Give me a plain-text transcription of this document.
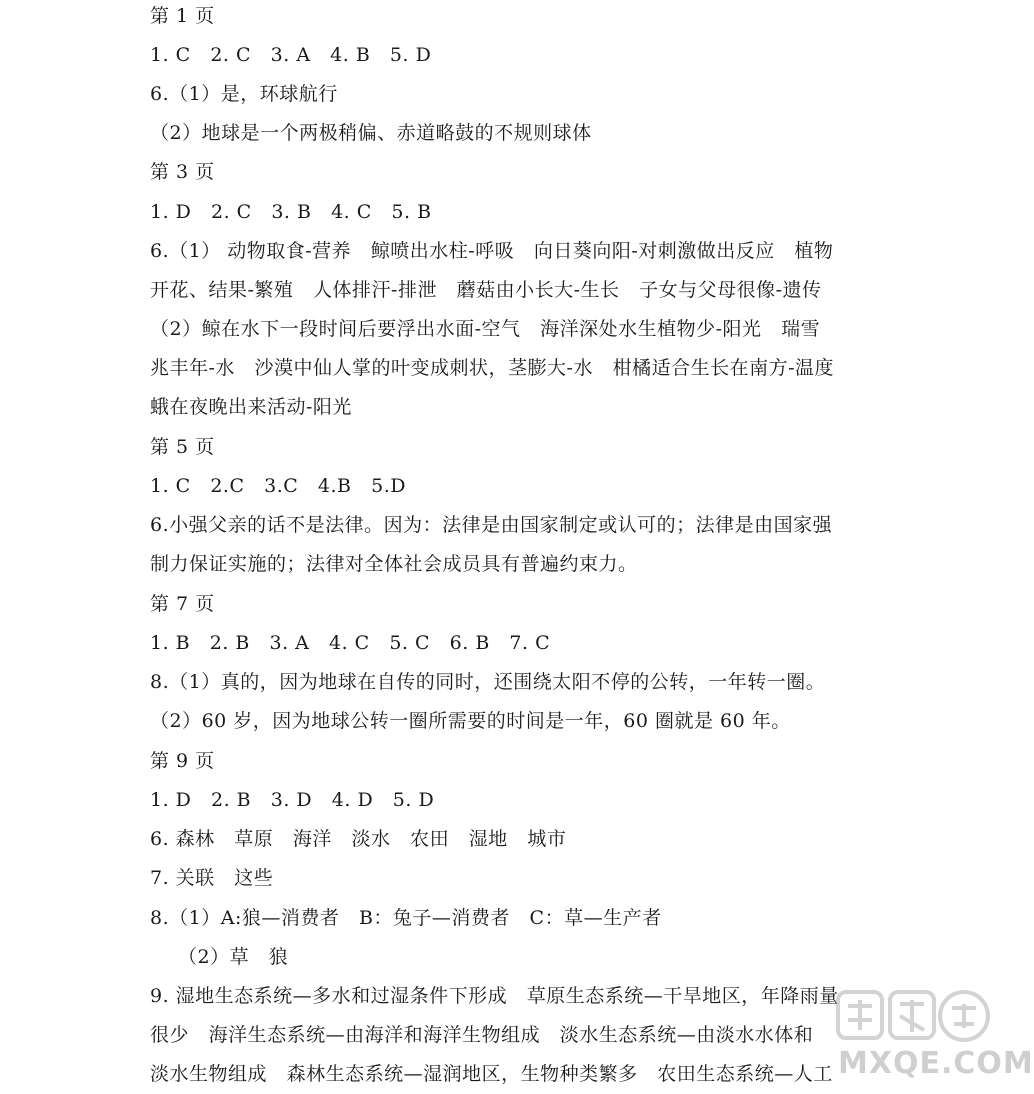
第 1 页
1. C   2. C   3. A   4. B   5. D
6.（1）是，环球航行
（2）地球是一个两极稍偏、赤道略鼓的不规则球体
第 3 页
1. D   2. C   3. B   4. C   5. B
6.（1） 动物取食-营养   鲸喷出水柱-呼吸   向日葵向阳-对刺激做出反应   植物
开花、结果-繁殖   人体排汗-排泄   蘑菇由小长大-生长   子女与父母很像-遗传
（2）鲸在水下一段时间后要浮出水面-空气   海洋深处水生植物少-阳光   瑞雪
兆丰年-水   沙漠中仙人掌的叶变成刺状，茎膨大-水   柑橘适合生长在南方-温度
蛾在夜晚出来活动-阳光
第 5 页
1. C   2.C   3.C   4.B   5.D
6.小强父亲的话不是法律。因为：法律是由国家制定或认可的；法律是由国家强
制力保证实施的；法律对全体社会成员具有普遍约束力。
第 7 页
1. B   2. B   3. A   4. C   5. C   6. B   7. C
8.（1）真的，因为地球在自传的同时，还围绕太阳不停的公转，一年转一圈。
（2）60 岁，因为地球公转一圈所需要的时间是一年，60 圈就是 60 年。
第 9 页
1. D   2. B   3. D   4. D   5. D
6. 森林   草原   海洋   淡水   农田   湿地   城市
7. 关联   这些
8.（1）A:狼—消费者   B：兔子—消费者   C：草—生产者
（2）草   狼
9. 湿地生态系统—多水和过湿条件下形成   草原生态系统—干旱地区，年降雨量
很少   海洋生态系统—由海洋和海洋生物组成   淡水生态系统—由淡水水体和
淡水生物组成   森林生态系统—湿润地区，生物种类繁多   农田生态系统—人工 MXQE.COM
